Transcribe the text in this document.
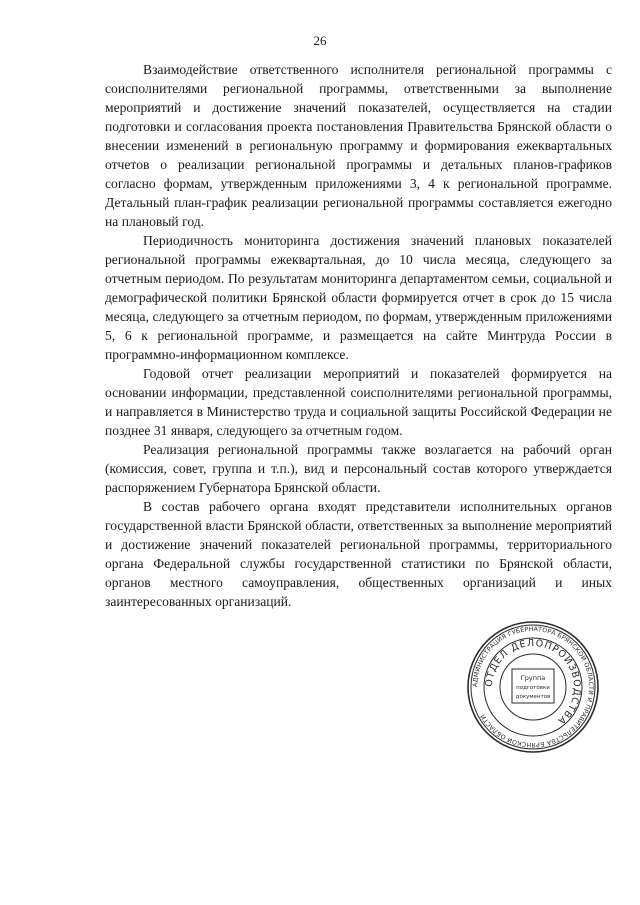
26

Взаимодействие ответственного исполнителя региональной программы с соисполнителями региональной программы, ответственными за выполнение мероприятий и достижение значений показателей, осуществляется на стадии подготовки и согласования проекта постановления Правительства Брянской области о внесении изменений в региональную программу и формирования ежеквартальных отчетов о реализации региональной программы и детальных планов-графиков согласно формам, утвержденным приложениями 3, 4 к региональной программе. Детальный план-график реализации региональной программы составляется ежегодно на плановый год.

Периодичность мониторинга достижения значений плановых показателей региональной программы ежеквартальная, до 10 числа месяца, следующего за отчетным периодом. По результатам мониторинга департаментом семьи, социальной и демографической политики Брянской области формируется отчет в срок до 15 числа месяца, следующего за отчетным периодом, по формам, утвержденным приложениями 5, 6 к региональной программе, и размещается на сайте Минтруда России в программно-информационном комплексе.

Годовой отчет реализации мероприятий и показателей формируется на основании информации, представленной соисполнителями региональной программы, и направляется в Министерство труда и социальной защиты Российской Федерации не позднее 31 января, следующего за отчетным годом.

Реализация региональной программы также возлагается на рабочий орган (комиссия, совет, группа и т.п.), вид и персональный состав которого утверждается распоряжением Губернатора Брянской области.

В состав рабочего органа входят представители исполнительных органов государственной власти Брянской области, ответственных за выполнение мероприятий и достижение значений показателей региональной программы, территориального органа Федеральной службы государственной статистики по Брянской области, органов местного самоуправления, общественных организаций и иных заинтересованных организаций.

АДМИНИСТРАЦИЯ ГУБЕРНАТОРА БРЯНСКОЙ ОБЛАСТИ И ПРАВИТЕЛЬСТВА БРЯНСКОЙ ОБЛАСТИ
ОТДЕЛ ДЕЛОПРОИЗВОДСТВА
Группа
подготовки
документов
